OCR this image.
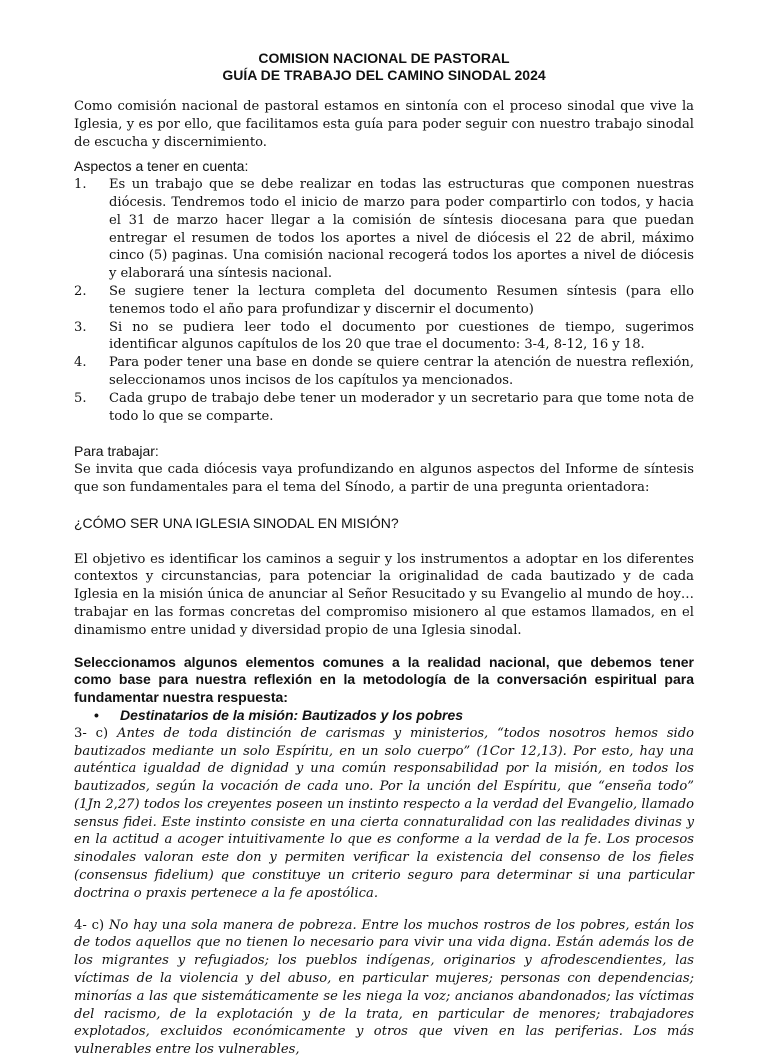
COMISION NACIONAL DE PASTORAL
GUÍA DE TRABAJO DEL CAMINO SINODAL 2024

Como comisión nacional de pastoral estamos en sintonía con el proceso sinodal que vive la Iglesia, y es por ello, que facilitamos esta guía para poder seguir con nuestro trabajo sinodal de escucha y discernimiento.

Aspectos a tener en cuenta:
1.	Es un trabajo que se debe realizar en todas las estructuras que componen nuestras diócesis. Tendremos todo el inicio de marzo para poder compartirlo con todos, y hacia el 31 de marzo hacer llegar a la comisión de síntesis diocesana para que puedan entregar el resumen de todos los aportes a nivel de diócesis el 22 de abril, máximo cinco (5) paginas. Una comisión nacional recogerá todos los aportes a nivel de diócesis y elaborará una síntesis nacional.
2.	Se sugiere tener la lectura completa del documento Resumen síntesis (para ello tenemos todo el año para profundizar y discernir el documento)
3.	Si no se pudiera leer todo el documento por cuestiones de tiempo, sugerimos identificar algunos capítulos de los 20 que trae el documento: 3-4, 8-12, 16 y 18.
4.	Para poder tener una base en donde se quiere centrar la atención de nuestra reflexión, seleccionamos unos incisos de los capítulos ya mencionados.
5.	Cada grupo de trabajo debe tener un moderador y un secretario para que tome nota de todo lo que se comparte.
Para trabajar:

Se invita que cada diócesis vaya profundizando en algunos aspectos del Informe de síntesis que son fundamentales para el tema del Sínodo, a partir de una pregunta orientadora:

¿CÓMO SER UNA IGLESIA SINODAL EN MISIÓN?

El objetivo es identificar los caminos a seguir y los instrumentos a adoptar en los diferentes contextos y circunstancias, para potenciar la originalidad de cada bautizado y de cada Iglesia en la misión única de anunciar al Señor Resucitado y su Evangelio al mundo de hoy… trabajar en las formas concretas del compromiso misionero al que estamos llamados, en el dinamismo entre unidad y diversidad propio de una Iglesia sinodal.

Seleccionamos algunos elementos comunes a la realidad nacional, que debemos tener como base para nuestra reflexión en la metodología de la conversación espiritual para fundamentar nuestra respuesta:
•	Destinatarios de la misión: Bautizados y los pobres

3- c) Antes de toda distinción de carismas y ministerios, “todos nosotros hemos sido bautizados mediante un solo Espíritu, en un solo cuerpo” (1Cor 12,13). Por esto, hay una auténtica igualdad de dignidad y una común responsabilidad por la misión, en todos los bautizados, según la vocación de cada uno. Por la unción del Espíritu, que “enseña todo” (1Jn 2,27) todos los creyentes poseen un instinto respecto a la verdad del Evangelio, llamado sensus fidei. Este instinto consiste en una cierta connaturalidad con las realidades divinas y en la actitud a acoger intuitivamente lo que es conforme a la verdad de la fe. Los procesos sinodales valoran este don y permiten verificar la existencia del consenso de los fieles (consensus fidelium) que constituye un criterio seguro para determinar si una particular doctrina o praxis pertenece a la fe apostólica.

4- c) No hay una sola manera de pobreza. Entre los muchos rostros de los pobres, están los de todos aquellos que no tienen lo necesario para vivir una vida digna. Están además los de los migrantes y refugiados; los pueblos indígenas, originarios y afrodescendientes, las víctimas de la violencia y del abuso, en particular mujeres; personas con dependencias; minorías a las que sistemáticamente se les niega la voz; ancianos abandonados; las víctimas del racismo, de la explotación y de la trata, en particular de menores; trabajadores explotados, excluidos económicamente y otros que viven en las periferias. Los más vulnerables entre los vulnerables,
